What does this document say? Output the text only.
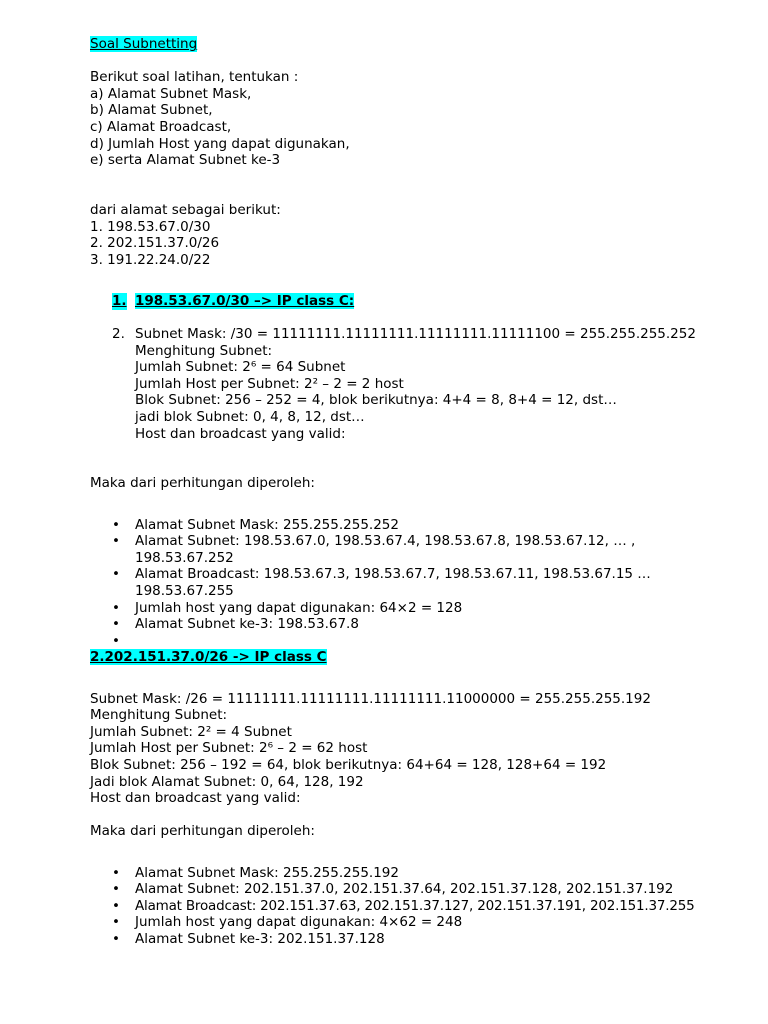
Soal Subnetting
Berikut soal latihan, tentukan :
a) Alamat Subnet Mask,
b) Alamat Subnet,
c) Alamat Broadcast,
d) Jumlah Host yang dapat digunakan,
e) serta Alamat Subnet ke-3
dari alamat sebagai berikut:
1. 198.53.67.0/30
2. 202.151.37.0/26
3. 191.22.24.0/22
1. 198.53.67.0/30 –> IP class C:
2. Subnet Mask: /30 = 11111111.11111111.11111111.11111100 = 255.255.255.252
Menghitung Subnet:
Jumlah Subnet: 2⁶ = 64 Subnet
Jumlah Host per Subnet: 2² – 2 = 2 host
Blok Subnet: 256 – 252 = 4, blok berikutnya: 4+4 = 8, 8+4 = 12, dst…
jadi blok Subnet: 0, 4, 8, 12, dst…
Host dan broadcast yang valid:
Maka dari perhitungan diperoleh:
• Alamat Subnet Mask: 255.255.255.252
• Alamat Subnet: 198.53.67.0, 198.53.67.4, 198.53.67.8, 198.53.67.12, … ,
198.53.67.252
• Alamat Broadcast: 198.53.67.3, 198.53.67.7, 198.53.67.11, 198.53.67.15 …
198.53.67.255
• Jumlah host yang dapat digunakan: 64×2 = 128
• Alamat Subnet ke-3: 198.53.67.8
•
2.202.151.37.0/26 -> IP class C
Subnet Mask: /26 = 11111111.11111111.11111111.11000000 = 255.255.255.192
Menghitung Subnet:
Jumlah Subnet: 2² = 4 Subnet
Jumlah Host per Subnet: 2⁶ – 2 = 62 host
Blok Subnet: 256 – 192 = 64, blok berikutnya: 64+64 = 128, 128+64 = 192
Jadi blok Alamat Subnet: 0, 64, 128, 192
Host dan broadcast yang valid:
Maka dari perhitungan diperoleh:
• Alamat Subnet Mask: 255.255.255.192
• Alamat Subnet: 202.151.37.0, 202.151.37.64, 202.151.37.128, 202.151.37.192
• Alamat Broadcast: 202.151.37.63, 202.151.37.127, 202.151.37.191, 202.151.37.255
• Jumlah host yang dapat digunakan: 4×62 = 248
• Alamat Subnet ke-3: 202.151.37.128
